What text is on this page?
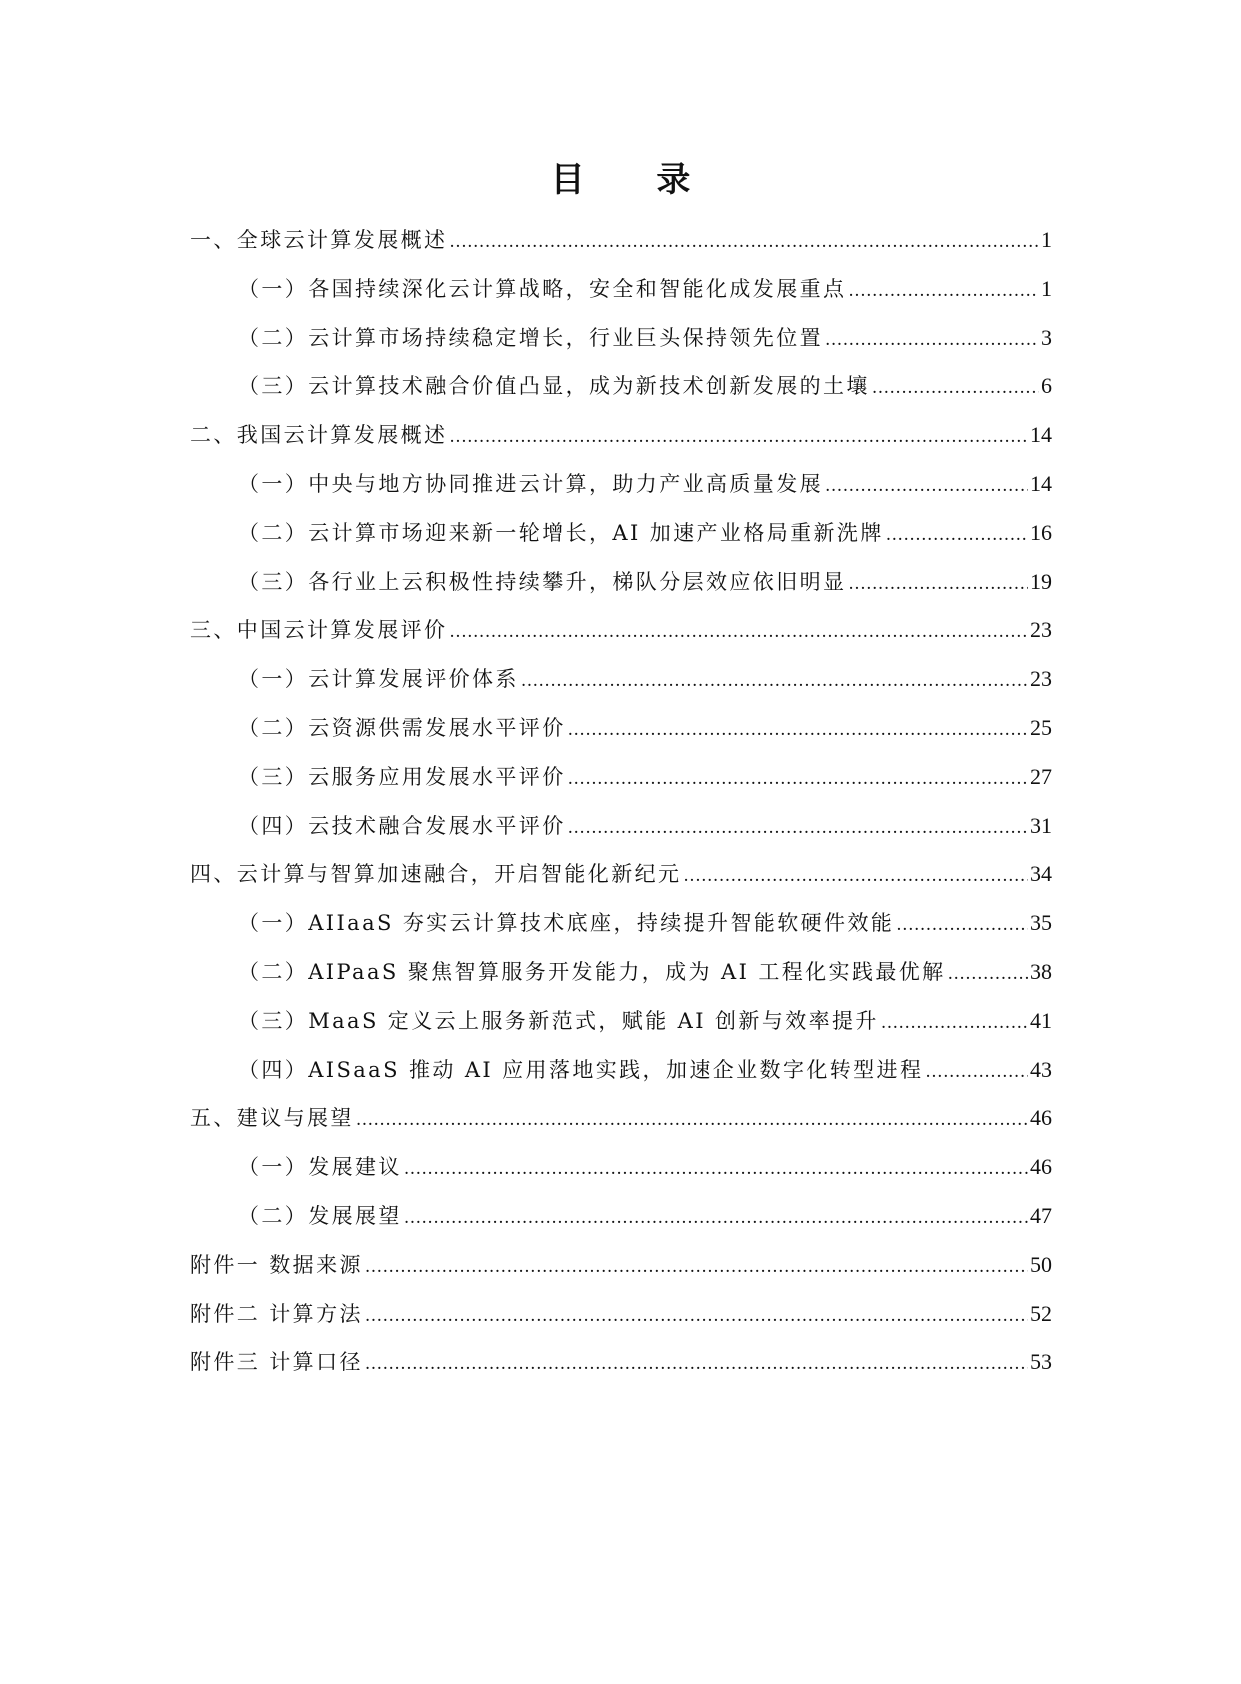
目 录
一、全球云计算发展概述 .....	1
（一）各国持续深化云计算战略，安全和智能化成发展重点 .....	1
（二）云计算市场持续稳定增长，行业巨头保持领先位置 .....	3
（三）云计算技术融合价值凸显，成为新技术创新发展的土壤 .....	6
二、我国云计算发展概述 .....	14
（一）中央与地方协同推进云计算，助力产业高质量发展 .....	14
（二）云计算市场迎来新一轮增长，AI 加速产业格局重新洗牌 .....	16
（三）各行业上云积极性持续攀升，梯队分层效应依旧明显 .....	19
三、中国云计算发展评价 .....	23
（一）云计算发展评价体系 .....	23
（二）云资源供需发展水平评价 .....	25
（三）云服务应用发展水平评价 .....	27
（四）云技术融合发展水平评价 .....	31
四、云计算与智算加速融合，开启智能化新纪元 .....	34
（一）AIIaaS 夯实云计算技术底座，持续提升智能软硬件效能 .....	35
（二）AIPaaS 聚焦智算服务开发能力，成为 AI 工程化实践最优解 .....	38
（三）MaaS 定义云上服务新范式，赋能 AI 创新与效率提升 .....	41
（四）AISaaS 推动 AI 应用落地实践，加速企业数字化转型进程 .....	43
五、建议与展望 .....	46
（一）发展建议 .....	46
（二）发展展望 .....	47
附件一 数据来源 .....	50
附件二 计算方法 .....	52
附件三 计算口径 .....	53
